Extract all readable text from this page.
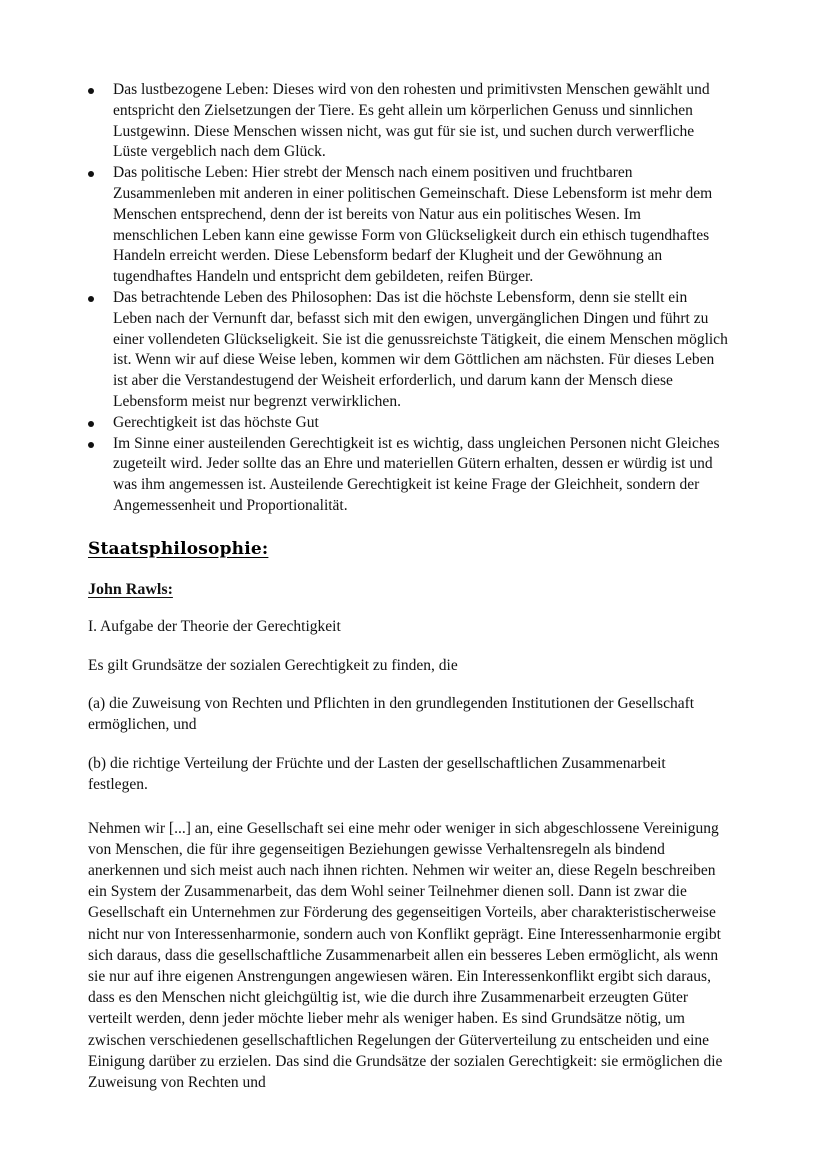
Das lustbezogene Leben: Dieses wird von den rohesten und primitivsten Menschen gewählt und entspricht den Zielsetzungen der Tiere. Es geht allein um körperlichen Genuss und sinnlichen Lustgewinn. Diese Menschen wissen nicht, was gut für sie ist, und suchen durch verwerfliche Lüste vergeblich nach dem Glück.
Das politische Leben: Hier strebt der Mensch nach einem positiven und fruchtbaren Zusammenleben mit anderen in einer politischen Gemeinschaft. Diese Lebensform ist mehr dem Menschen entsprechend, denn der ist bereits von Natur aus ein politisches Wesen. Im menschlichen Leben kann eine gewisse Form von Glückseligkeit durch ein ethisch tugendhaftes Handeln erreicht werden. Diese Lebensform bedarf der Klugheit und der Gewöhnung an tugendhaftes Handeln und entspricht dem gebildeten, reifen Bürger.
Das betrachtende Leben des Philosophen: Das ist die höchste Lebensform, denn sie stellt ein Leben nach der Vernunft dar, befasst sich mit den ewigen, unvergänglichen Dingen und führt zu einer vollendeten Glückseligkeit. Sie ist die genussreichste Tätigkeit, die einem Menschen möglich ist. Wenn wir auf diese Weise leben, kommen wir dem Göttlichen am nächsten. Für dieses Leben ist aber die Verstandestugend der Weisheit erforderlich, und darum kann der Mensch diese Lebensform meist nur begrenzt verwirklichen.
Gerechtigkeit ist das höchste Gut
Im Sinne einer austeilenden Gerechtigkeit ist es wichtig, dass ungleichen Personen nicht Gleiches zugeteilt wird. Jeder sollte das an Ehre und materiellen Gütern erhalten, dessen er würdig ist und was ihm angemessen ist. Austeilende Gerechtigkeit ist keine Frage der Gleichheit, sondern der Angemessenheit und Proportionalität.
Staatsphilosophie:
John Rawls:

I. Aufgabe der Theorie der Gerechtigkeit

Es gilt Grundsätze der sozialen Gerechtigkeit zu finden, die

(a) die Zuweisung von Rechten und Pflichten in den grundlegenden Institutionen der Gesellschaft ermöglichen, und

(b) die richtige Verteilung der Früchte und der Lasten der gesellschaftlichen Zusammenarbeit festlegen.

Nehmen wir [...] an, eine Gesellschaft sei eine mehr oder weniger in sich abgeschlossene Vereinigung von Menschen, die für ihre gegenseitigen Beziehungen gewisse Verhaltensregeln als bindend anerkennen und sich meist auch nach ihnen richten. Nehmen wir weiter an, diese Regeln beschreiben ein System der Zusammenarbeit, das dem Wohl seiner Teilnehmer dienen soll. Dann ist zwar die Gesellschaft ein Unternehmen zur Förderung des gegenseitigen Vorteils, aber charakteristischerweise nicht nur von Interessenharmonie, sondern auch von Konflikt geprägt. Eine Interessenharmonie ergibt sich daraus, dass die gesellschaftliche Zusammenarbeit allen ein besseres Leben ermöglicht, als wenn sie nur auf ihre eigenen Anstrengungen angewiesen wären. Ein Interessenkonflikt ergibt sich daraus, dass es den Menschen nicht gleichgültig ist, wie die durch ihre Zusammenarbeit erzeugten Güter verteilt werden, denn jeder möchte lieber mehr als weniger haben. Es sind Grundsätze nötig, um zwischen verschiedenen gesellschaftlichen Regelungen der Güterverteilung zu entscheiden und eine Einigung darüber zu erzielen. Das sind die Grundsätze der sozialen Gerechtigkeit: sie ermöglichen die Zuweisung von Rechten und
